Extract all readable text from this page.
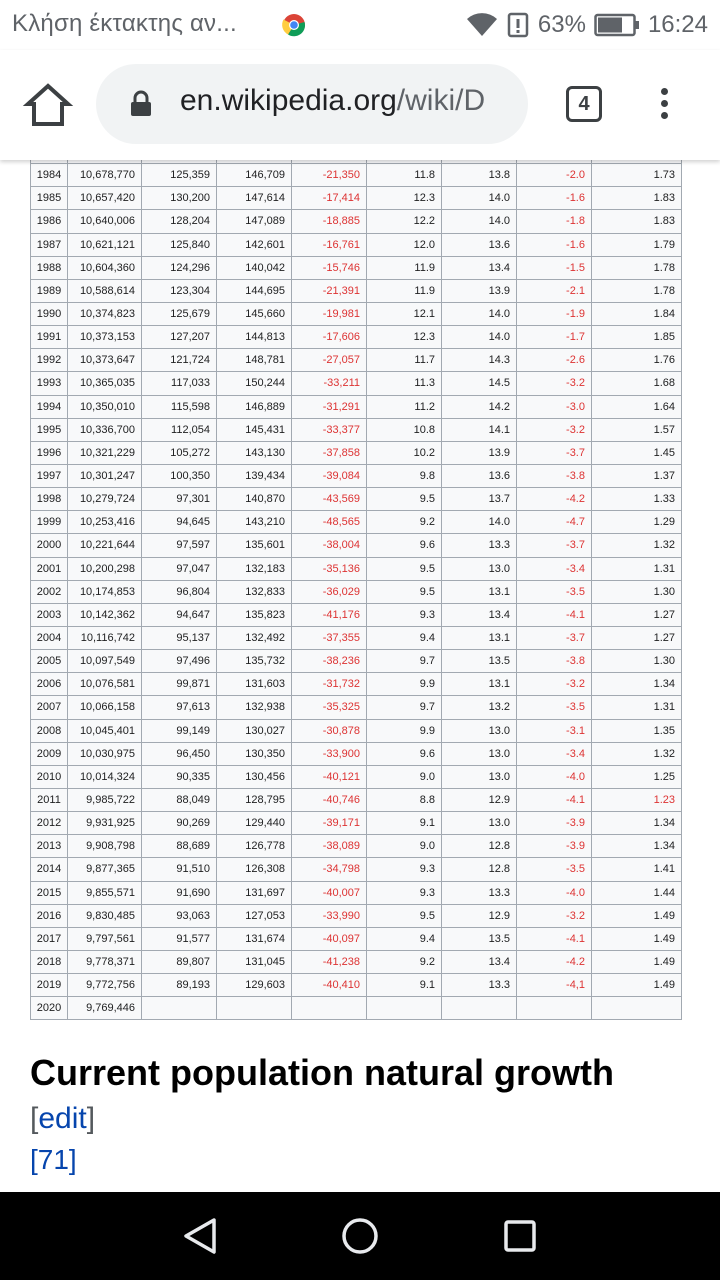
Κλήση έκτακτης αν...	63%	16:24
en.wikipedia.org/wiki/D	4

1984	10,678,770	125,359	146,709	-21,350	11.8	13.8	-2.0	1.73
1985	10,657,420	130,200	147,614	-17,414	12.3	14.0	-1.6	1.83
1986	10,640,006	128,204	147,089	-18,885	12.2	14.0	-1.8	1.83
1987	10,621,121	125,840	142,601	-16,761	12.0	13.6	-1.6	1.79
1988	10,604,360	124,296	140,042	-15,746	11.9	13.4	-1.5	1.78
1989	10,588,614	123,304	144,695	-21,391	11.9	13.9	-2.1	1.78
1990	10,374,823	125,679	145,660	-19,981	12.1	14.0	-1.9	1.84
1991	10,373,153	127,207	144,813	-17,606	12.3	14.0	-1.7	1.85
1992	10,373,647	121,724	148,781	-27,057	11.7	14.3	-2.6	1.76
1993	10,365,035	117,033	150,244	-33,211	11.3	14.5	-3.2	1.68
1994	10,350,010	115,598	146,889	-31,291	11.2	14.2	-3.0	1.64
1995	10,336,700	112,054	145,431	-33,377	10.8	14.1	-3.2	1.57
1996	10,321,229	105,272	143,130	-37,858	10.2	13.9	-3.7	1.45
1997	10,301,247	100,350	139,434	-39,084	9.8	13.6	-3.8	1.37
1998	10,279,724	97,301	140,870	-43,569	9.5	13.7	-4.2	1.33
1999	10,253,416	94,645	143,210	-48,565	9.2	14.0	-4.7	1.29
2000	10,221,644	97,597	135,601	-38,004	9.6	13.3	-3.7	1.32
2001	10,200,298	97,047	132,183	-35,136	9.5	13.0	-3.4	1.31
2002	10,174,853	96,804	132,833	-36,029	9.5	13.1	-3.5	1.30
2003	10,142,362	94,647	135,823	-41,176	9.3	13.4	-4.1	1.27
2004	10,116,742	95,137	132,492	-37,355	9.4	13.1	-3.7	1.27
2005	10,097,549	97,496	135,732	-38,236	9.7	13.5	-3.8	1.30
2006	10,076,581	99,871	131,603	-31,732	9.9	13.1	-3.2	1.34
2007	10,066,158	97,613	132,938	-35,325	9.7	13.2	-3.5	1.31
2008	10,045,401	99,149	130,027	-30,878	9.9	13.0	-3.1	1.35
2009	10,030,975	96,450	130,350	-33,900	9.6	13.0	-3.4	1.32
2010	10,014,324	90,335	130,456	-40,121	9.0	13.0	-4.0	1.25
2011	9,985,722	88,049	128,795	-40,746	8.8	12.9	-4.1	1.23
2012	9,931,925	90,269	129,440	-39,171	9.1	13.0	-3.9	1.34
2013	9,908,798	88,689	126,778	-38,089	9.0	12.8	-3.9	1.34
2014	9,877,365	91,510	126,308	-34,798	9.3	12.8	-3.5	1.41
2015	9,855,571	91,690	131,697	-40,007	9.3	13.3	-4.0	1.44
2016	9,830,485	93,063	127,053	-33,990	9.5	12.9	-3.2	1.49
2017	9,797,561	91,577	131,674	-40,097	9.4	13.5	-4.1	1.49
2018	9,778,371	89,807	131,045	-41,238	9.2	13.4	-4.2	1.49
2019	9,772,756	89,193	129,603	-40,410	9.1	13.3	-4,1	1.49
2020	9,769,446							
Current population natural growth
[edit]
[71]
